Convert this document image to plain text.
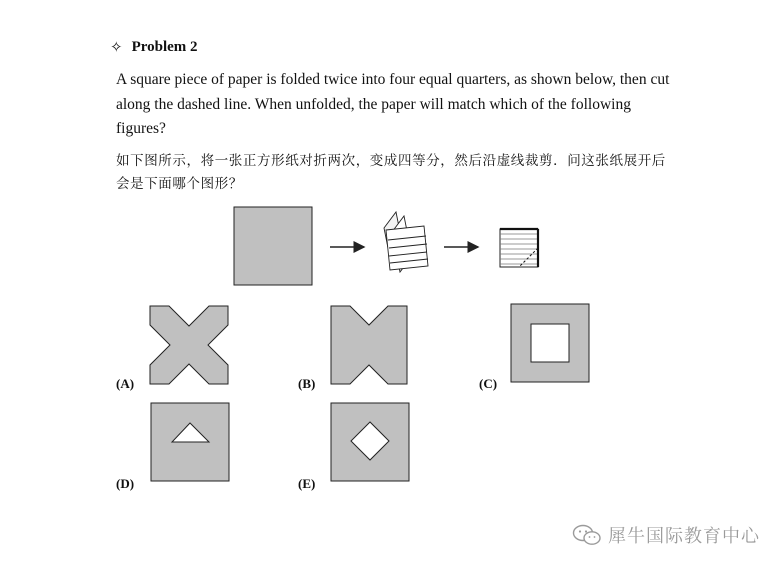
✧ Problem 2

A square piece of paper is folded twice into four equal quarters, as shown below, then cut along the dashed line. When unfolded, the paper will match which of the following figures?

如下图所示，将一张正方形纸对折两次，变成四等分，然后沿虚线裁剪．问这张纸展开后会是下面哪个图形？

(A)	(B)	(C)
(D)	(E)
犀牛国际教育中心
